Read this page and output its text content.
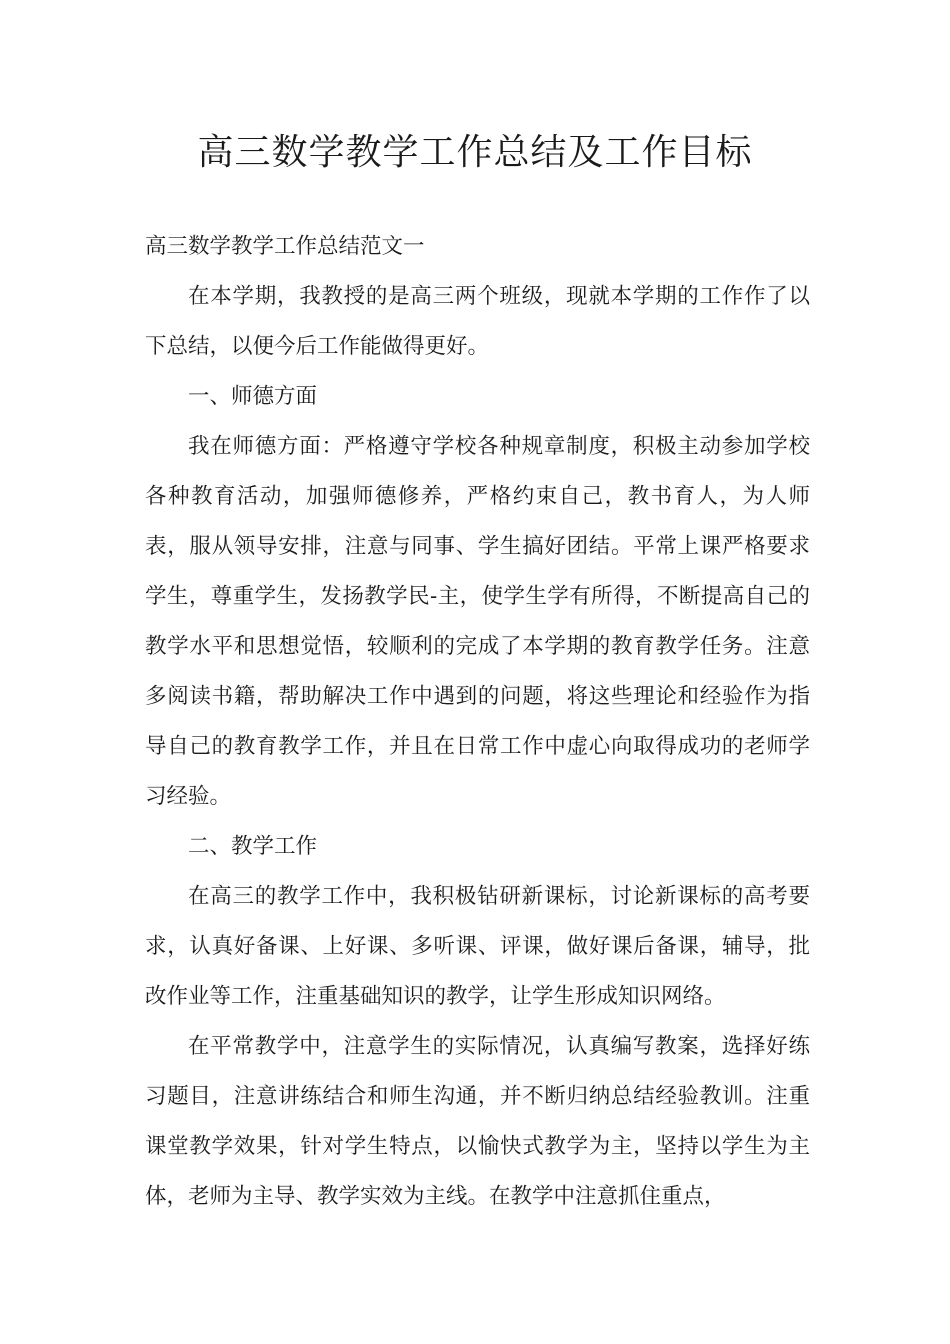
高三数学教学工作总结及工作目标

高三数学教学工作总结范文一

在本学期，我教授的是高三两个班级，现就本学期的工作作了以下总结，以便今后工作能做得更好。

一、师德方面

我在师德方面：严格遵守学校各种规章制度，积极主动参加学校各种教育活动，加强师德修养，严格约束自己，教书育人，为人师表，服从领导安排，注意与同事、学生搞好团结。平常上课严格要求学生，尊重学生，发扬教学民-主，使学生学有所得，不断提高自己的教学水平和思想觉悟，较顺利的完成了本学期的教育教学任务。注意多阅读书籍，帮助解决工作中遇到的问题，将这些理论和经验作为指导自己的教育教学工作，并且在日常工作中虚心向取得成功的老师学习经验。

二、教学工作

在高三的教学工作中，我积极钻研新课标，讨论新课标的高考要求，认真好备课、上好课、多听课、评课，做好课后备课，辅导，批改作业等工作，注重基础知识的教学，让学生形成知识网络。

在平常教学中，注意学生的实际情况，认真编写教案，选择好练习题目，注意讲练结合和师生沟通，并不断归纳总结经验教训。注重课堂教学效果，针对学生特点，以愉快式教学为主，坚持以学生为主体，老师为主导、教学实效为主线。在教学中注意抓住重点，
